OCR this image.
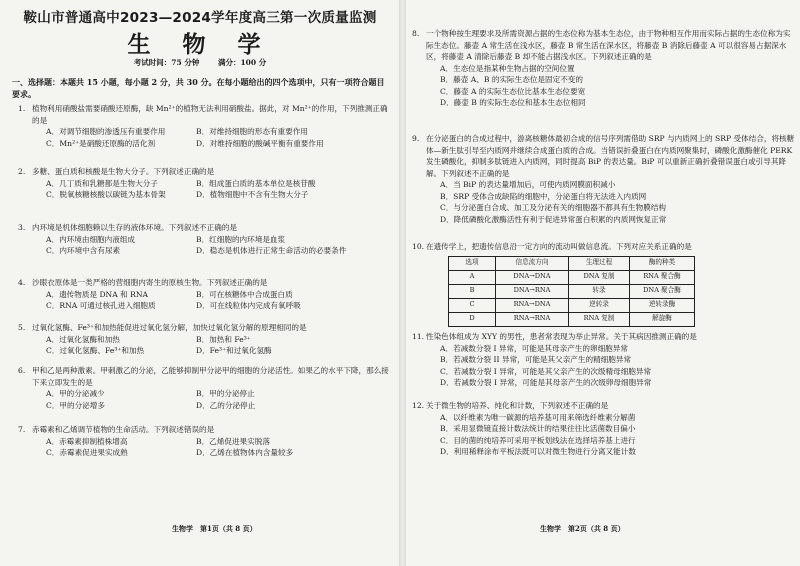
鞍山市普通高中2023—2024学年度高三第一次质量监测
生 物 学
考试时间：75 分钟 满分：100 分
一、选择题：本题共 15 小题，每小题 2 分，共 30 分。在每小题给出的四个选项中，只有一项符合题目要求。
1. 植物利用硝酸盐需要硝酸还原酶，缺 Mn²⁺的植物无法利用硝酸盐。据此，对 Mn²⁺的作用，下列推测正确的是
A．对调节细胞的渗透压有重要作用	B．对维持细胞的形态有重要作用
C．Mn²⁺是硝酸还原酶的活化剂	D．对维持细胞的酸碱平衡有重要作用
2. 多糖、蛋白质和核酸是生物大分子。下列叙述正确的是
A．几丁质和乳糖都是生物大分子	B．组成蛋白质的基本单位是核苷酸
C．脱氧核糖核酸以碳链为基本骨架	D．植物细胞中不含有生物大分子
3. 内环境是机体细胞赖以生存的液体环境。下列叙述不正确的是
A．内环境由细胞内液组成	B．红细胞的内环境是血浆
C．内环境中含有尿素	D．稳态是机体进行正常生命活动的必要条件
4. 沙眼衣原体是一类严格的营细胞内寄生的原核生物。下列叙述正确的是
A．遗传物质是 DNA 和 RNA	B．可在核糖体中合成蛋白质
C．RNA 可通过核孔进入细胞质	D．可在线粒体内完成有氧呼吸
5. 过氧化氢酶、Fe³⁺和加热能促进过氧化氢分解，加快过氧化氢分解的原理相同的是
A．过氧化氢酶和加热	B．加热和 Fe³⁺
C．过氧化氢酶、Fe³⁺和加热	D．Fe³⁺和过氧化氢酶
6. 甲和乙是两种激素。甲刺激乙的分泌，乙能够抑制甲分泌甲的细胞的分泌活性。如果乙的水平下降，那么接下来立即发生的是
A．甲的分泌减少	B．甲的分泌停止
C．甲的分泌增多	D．乙的分泌停止
7. 赤霉素和乙烯调节植物的生命活动。下列叙述错误的是
A．赤霉素抑制植株增高	B．乙烯促进果实脱落
C．赤霉素促进果实成熟	D．乙烯在植物体内含量较多
生物学　第1页（共 8 页）
8. 一个物种按生理要求及所需资源占据的生态位称为基本生态位，由于物种相互作用而实际占据的生态位称为实际生态位。藤壶 A 常生活在浅水区，藤壶 B 常生活在深水区，将藤壶 B 消除后藤壶 A 可以很容易占据深水区，将藤壶 A 清除后藤壶 B 却不能占据浅水区。下列叙述正确的是
A．生态位是指某种生物占据的空间位置
B．藤壶 A、B 的实际生态位是固定不变的
C．藤壶 A 的实际生态位比基本生态位要宽
D．藤壶 B 的实际生态位和基本生态位相同
9. 在分泌蛋白的合成过程中，游离核糖体最初合成的信号序列需借助 SRP 与内质网上的 SRP 受体结合，将核糖体—新生肽引导至内质网并继续合成蛋白质的合成。当错误折叠蛋白在内质网聚集时，磷酸化激酶催化 PERK 发生磷酸化，抑制多肽链进入内质网，同时提高 BiP 的表达量。BiP 可以重新正确折叠错误蛋白或引导其降解。下列叙述不正确的是
A．当 BiP 的表达量增加后，可使内质网膜面积减小
B．SRP 受体合成缺陷的细胞中，分泌蛋白将无法进入内质网
C．与分泌蛋白合成、加工及分泌有关的细胞器不都具有生物膜结构
D．降低磷酸化激酶活性有利于促进异常蛋白积累的内质网恢复正常
10. 在遗传学上，把遗传信息沿一定方向的流动叫做信息流。下列对应关系正确的是
选项	信息流方向	生理过程	酶的种类
A	DNA→DNA	DNA 复制	RNA 聚合酶
B	DNA→RNA	转录	DNA 聚合酶
C	RNA→DNA	逆转录	逆转录酶
D	RNA→RNA	RNA 复制	解旋酶
11. 性染色体组成为 XYY 的男性，患者常表现为举止异常。关于其病因推测正确的是
A．若减数分裂 I 异常，可能是其母亲产生的卵细胞异常
B．若减数分裂 II 异常，可能是其父亲产生的精细胞异常
C．若减数分裂 I 异常，可能是其父亲产生的次级精母细胞异常
D．若减数分裂 I 异常，可能是其母亲产生的次级卵母细胞异常
12. 关于微生物的培养、纯化和计数，下列叙述不正确的是
A．以纤维素为唯一碳源的培养基可用来筛选纤维素分解菌
B．采用显微镜直接计数法统计的结果往往比活菌数目偏小
C．目的菌的纯培养可采用平板划线法在选择培养基上进行
D．利用稀释涂布平板法既可以对微生物进行分离又能计数
生物学　第2页（共 8 页）
